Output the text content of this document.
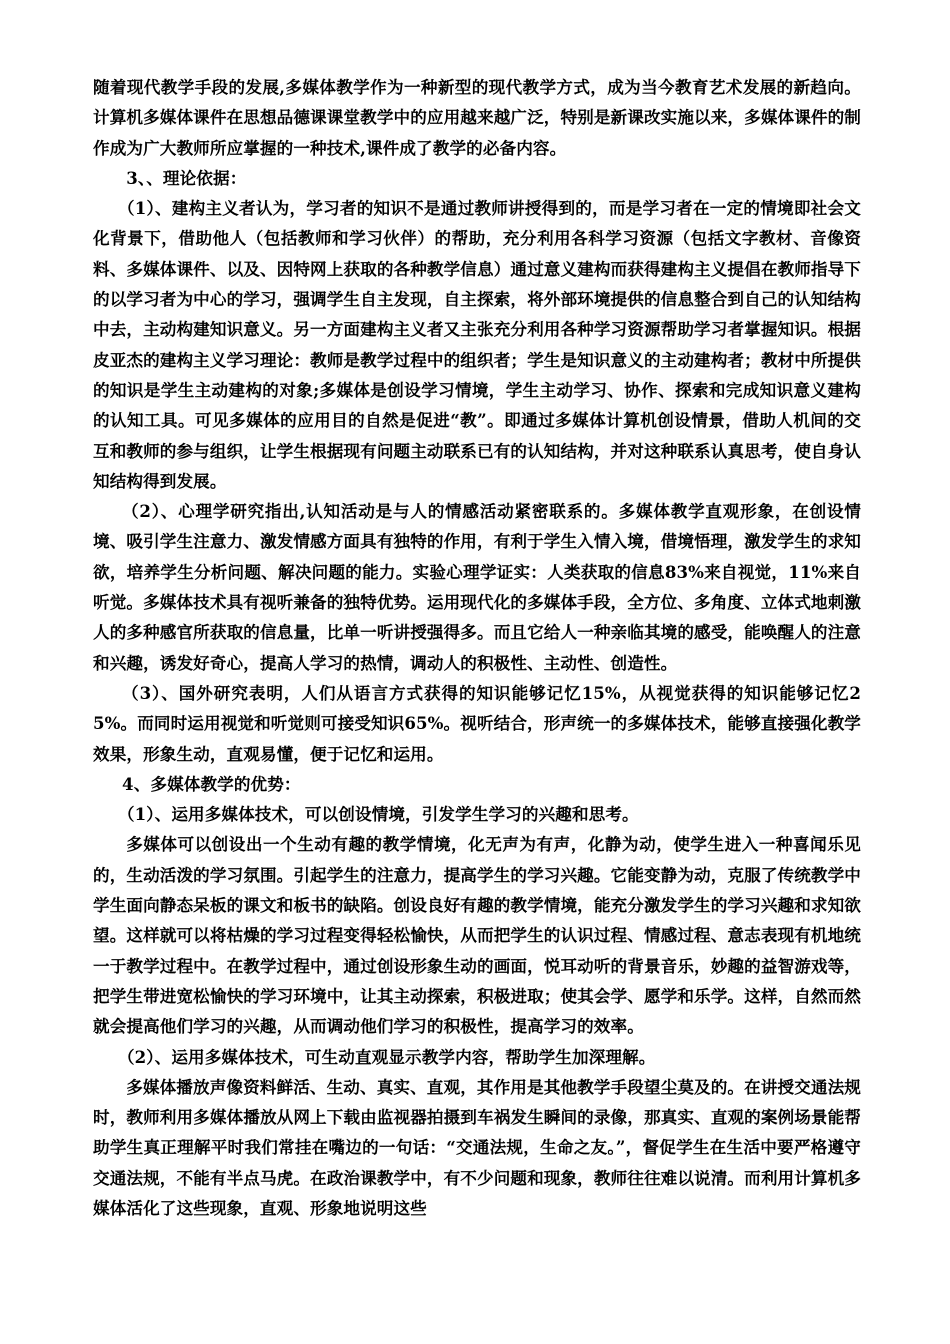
随着现代教学手段的发展,多媒体教学作为一种新型的现代教学方式，成为当今教育艺术发展的新趋向。计算机多媒体课件在思想品德课课堂教学中的应用越来越广泛，特别是新课改实施以来，多媒体课件的制作成为广大教师所应掌握的一种技术,课件成了教学的必备内容。

3、、理论依据：

（1）、建构主义者认为，学习者的知识不是通过教师讲授得到的，而是学习者在一定的情境即社会文化背景下，借助他人（包括教师和学习伙伴）的帮助，充分利用各科学习资源（包括文字教材、音像资料、多媒体课件、以及、因特网上获取的各种教学信息）通过意义建构而获得建构主义提倡在教师指导下的以学习者为中心的学习，强调学生自主发现，自主探索，将外部环境提供的信息整合到自己的认知结构中去，主动构建知识意义。另一方面建构主义者又主张充分利用各种学习资源帮助学习者掌握知识。根据皮亚杰的建构主义学习理论：教师是教学过程中的组织者；学生是知识意义的主动建构者；教材中所提供的知识是学生主动建构的对象;多媒体是创设学习情境，学生主动学习、协作、探索和完成知识意义建构的认知工具。可见多媒体的应用目的自然是促进“教”。即通过多媒体计算机创设情景，借助人机间的交互和教师的参与组织，让学生根据现有问题主动联系已有的认知结构，并对这种联系认真思考，使自身认知结构得到发展。

（2）、心理学研究指出,认知活动是与人的情感活动紧密联系的。多媒体教学直观形象，在创设情境、吸引学生注意力、激发情感方面具有独特的作用，有利于学生入情入境，借境悟理，激发学生的求知欲，培养学生分析问题、解决问题的能力。实验心理学证实：人类获取的信息83%来自视觉，11%来自听觉。多媒体技术具有视听兼备的独特优势。运用现代化的多媒体手段，全方位、多角度、立体式地刺激人的多种感官所获取的信息量，比单一听讲授强得多。而且它给人一种亲临其境的感受，能唤醒人的注意和兴趣，诱发好奇心，提高人学习的热情，调动人的积极性、主动性、创造性。

（3）、国外研究表明，人们从语言方式获得的知识能够记忆15%，从视觉获得的知识能够记忆25%。而同时运用视觉和听觉则可接受知识65%。视听结合，形声统一的多媒体技术，能够直接强化教学效果，形象生动，直观易懂，便于记忆和运用。

4、多媒体教学的优势：

（1）、运用多媒体技术，可以创设情境，引发学生学习的兴趣和思考。

多媒体可以创设出一个生动有趣的教学情境，化无声为有声，化静为动，使学生进入一种喜闻乐见的，生动活泼的学习氛围。引起学生的注意力，提高学生的学习兴趣。它能变静为动，克服了传统教学中学生面向静态呆板的课文和板书的缺陷。创设良好有趣的教学情境，能充分激发学生的学习兴趣和求知欲望。这样就可以将枯燥的学习过程变得轻松愉快，从而把学生的认识过程、情感过程、意志表现有机地统一于教学过程中。在教学过程中，通过创设形象生动的画面，悦耳动听的背景音乐，妙趣的益智游戏等，把学生带进宽松愉快的学习环境中，让其主动探索，积极进取；使其会学、愿学和乐学。这样，自然而然就会提高他们学习的兴趣，从而调动他们学习的积极性，提高学习的效率。

（2）、运用多媒体技术，可生动直观显示教学内容，帮助学生加深理解。

多媒体播放声像资料鲜活、生动、真实、直观，其作用是其他教学手段望尘莫及的。在讲授交通法规时，教师利用多媒体播放从网上下载由监视器拍摄到车祸发生瞬间的录像，那真实、直观的案例场景能帮助学生真正理解平时我们常挂在嘴边的一句话：“交通法规，生命之友。”，督促学生在生活中要严格遵守交通法规，不能有半点马虎。在政治课教学中，有不少问题和现象，教师往往难以说清。而利用计算机多媒体活化了这些现象，直观、形象地说明这些
